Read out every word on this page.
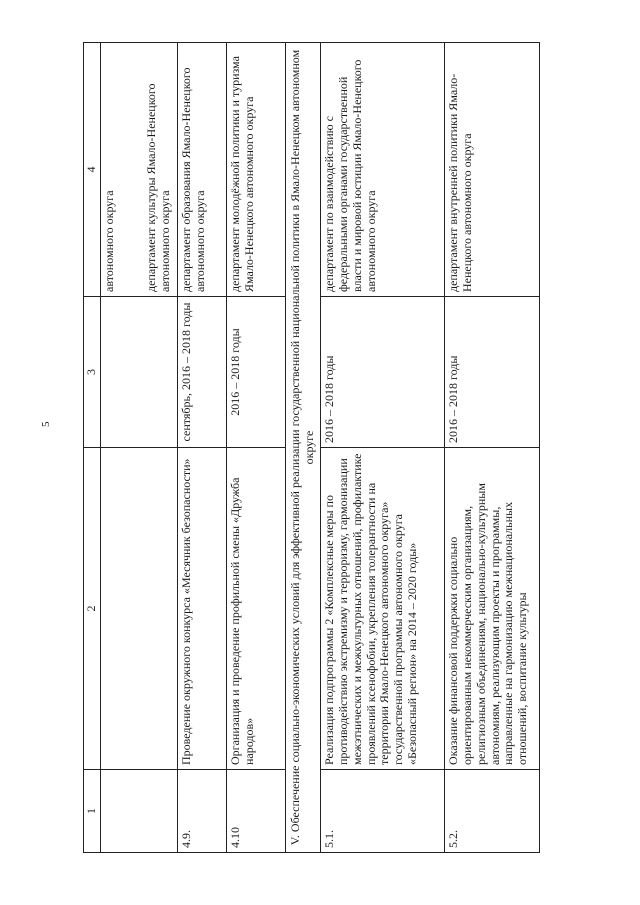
5
1	2	3	4
			автономного округа департамент культуры Ямало-Ненецкого автономного округа
4.9.	Проведение окружного конкурса «Месячник безопасности»	сентябрь, 2016 – 2018 годы	департамент образования Ямало-Ненецкого автономного округа
4.10	Организация и проведение профильной смены «Дружба народов»	2016 – 2018 годы	департамент молодёжной политики и туризма Ямало-Ненецкого автономного округа
V. Обеспечение социально-экономических условий для эффективной реализации государственной национальной политики в Ямало-Ненецком автономном округе			
5.1.	Реализация подпрограммы 2 «Комплексные меры по противодействию экстремизму и терроризму, гармонизации межэтнических и межкультурных отношений, профилактике проявлений ксенофобии, укрепления толерантности на территории Ямало-Ненецкого автономного округа» государственной программы автономного округа «Безопасный регион» на 2014 – 2020 годы»	2016 – 2018 годы	департамент по взаимодействию с федеральными органами государственной власти и мировой юстиции Ямало-Ненецкого автономного округа
5.2.	Оказание финансовой поддержки социально ориентированным некоммерческим организациям, религиозным объединениям, национально-культурным автономиям, реализующим проекты и программы, направленные на гармонизацию межнациональных отношений, воспитание культуры	2016 – 2018 годы	департамент внутренней политики Ямало-Ненецкого автономного округа
